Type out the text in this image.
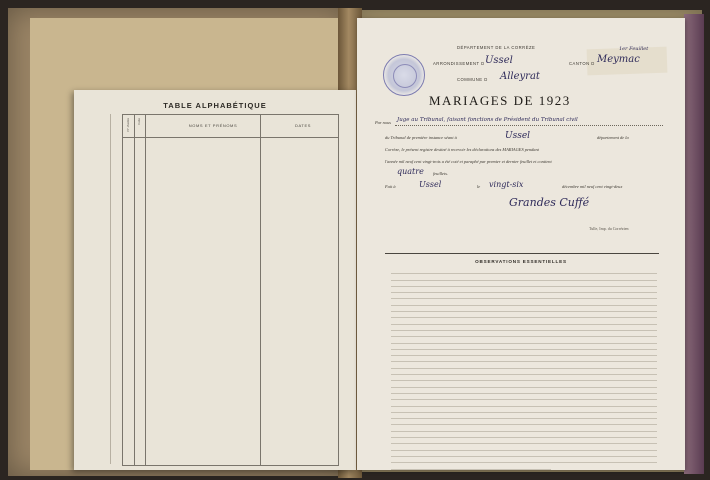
TABLE ALPHABÉTIQUE
N° d'ordre Folio
NOMS ET PRÉNOMS	DATES
1er Feuillet
DÉPARTEMENT DE LA CORRÈZE
ARRONDISSEMENT D Ussel	CANTON D Meymac
COMMUNE D Alleyrat
MARIAGES DE 1923
Par nous Juge au Tribunal, faisant fonctions de Président du Tribunal civil
du Tribunal de première instance séant à	Ussel	département de la
Corrèze, le présent registre destiné à recevoir les déclarations des MARIAGES pendant
l'année mil neuf cent vingt-trois a été coté et paraphé par premier et dernier feuillet et contient
quatre feuillets.
Fait à	Ussel	le vingt-six	décembre mil neuf cent vingt-deux
Grandes Cuffé
Tulle, Imp. du Corrézien
OBSERVATIONS ESSENTIELLES
